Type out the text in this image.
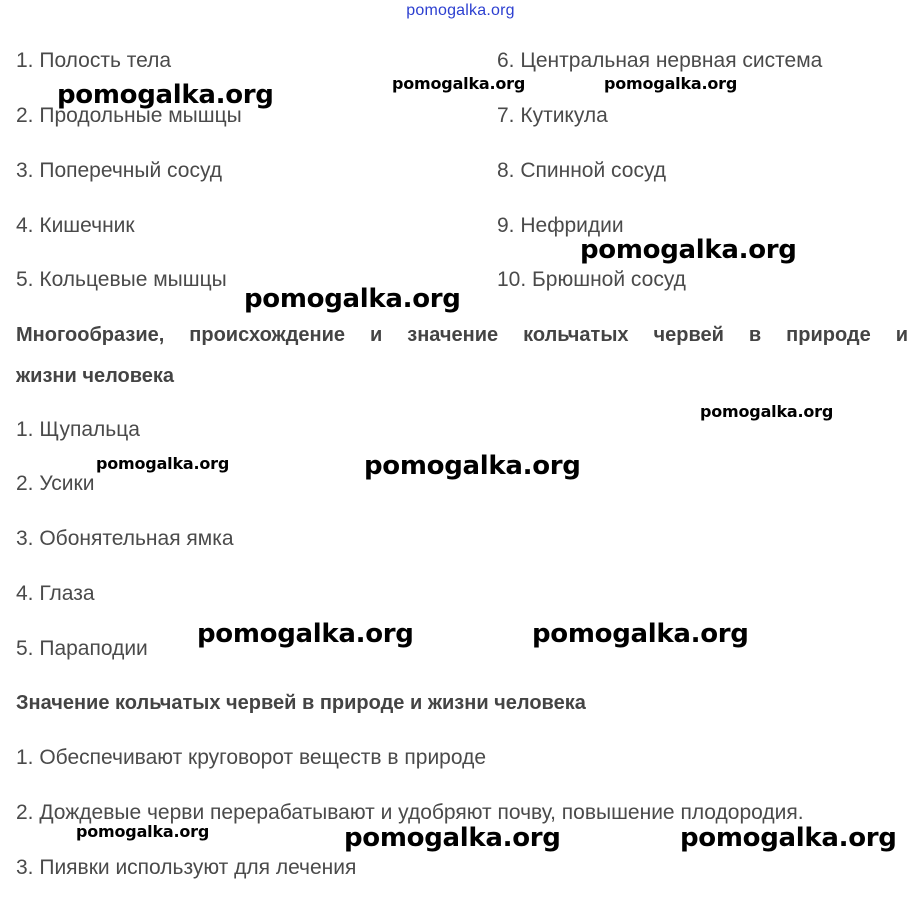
pomogalka.org
1. Полость тела
2. Продольные мышцы
3. Поперечный сосуд
4. Кишечник
5. Кольцевые мышцы
6. Центральная нервная система
7. Кутикула
8. Спинной сосуд
9. Нефридии
10. Брюшной сосуд
Многообразие, происхождение и значение кольчатых червей в природе и
жизни человека
1. Щупальца
2. Усики
3. Обонятельная ямка
4. Глаза
5. Параподии
Значение кольчатых червей в природе и жизни человека
1. Обеспечивают круговорот веществ в природе
2. Дождевые черви перерабатывают и удобряют почву, повышение плодородия.
3. Пиявки используют для лечения
pomogalka.org	pomogalka.org	pomogalka.org
pomogalka.org
pomogalka.org
pomogalka.org
pomogalka.org	pomogalka.org
pomogalka.org	pomogalka.org
pomogalka.org	pomogalka.org	pomogalka.org
